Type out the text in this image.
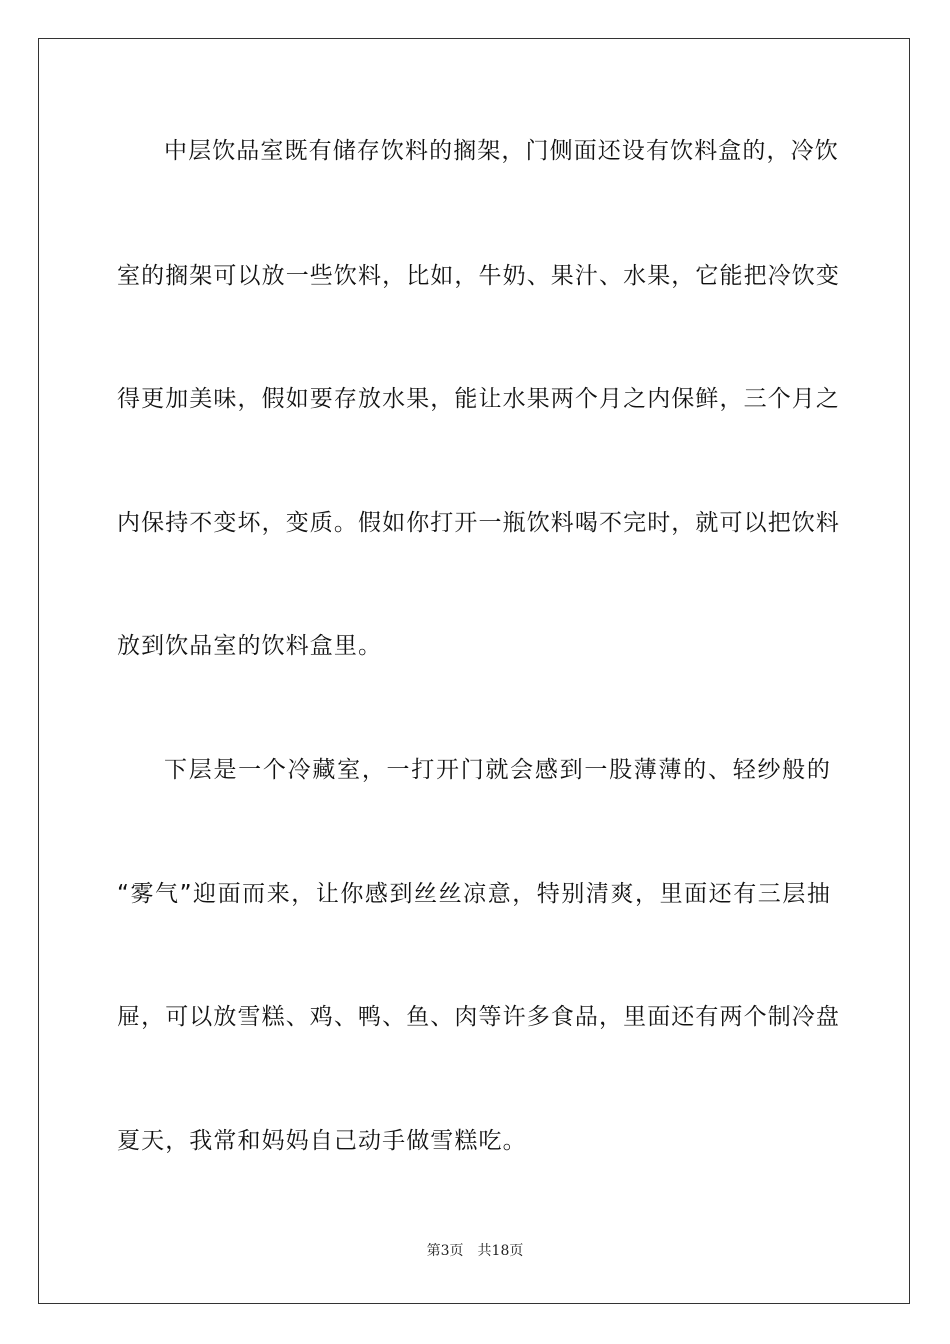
中层饮品室既有储存饮料的搁架，门侧面还设有饮料盒的，冷饮
室的搁架可以放一些饮料，比如，牛奶、果汁、水果，它能把冷饮变
得更加美味，假如要存放水果，能让水果两个月之内保鲜，三个月之
内保持不变坏，变质。假如你打开一瓶饮料喝不完时，就可以把饮料
放到饮品室的饮料盒里。
下层是一个冷藏室，一打开门就会感到一股薄薄的、轻纱般的
“雾气”迎面而来，让你感到丝丝凉意，特别清爽，里面还有三层抽
屉，可以放雪糕、鸡、鸭、鱼、肉等许多食品，里面还有两个制冷盘
夏天，我常和妈妈自己动手做雪糕吃。
第3页 共18页
